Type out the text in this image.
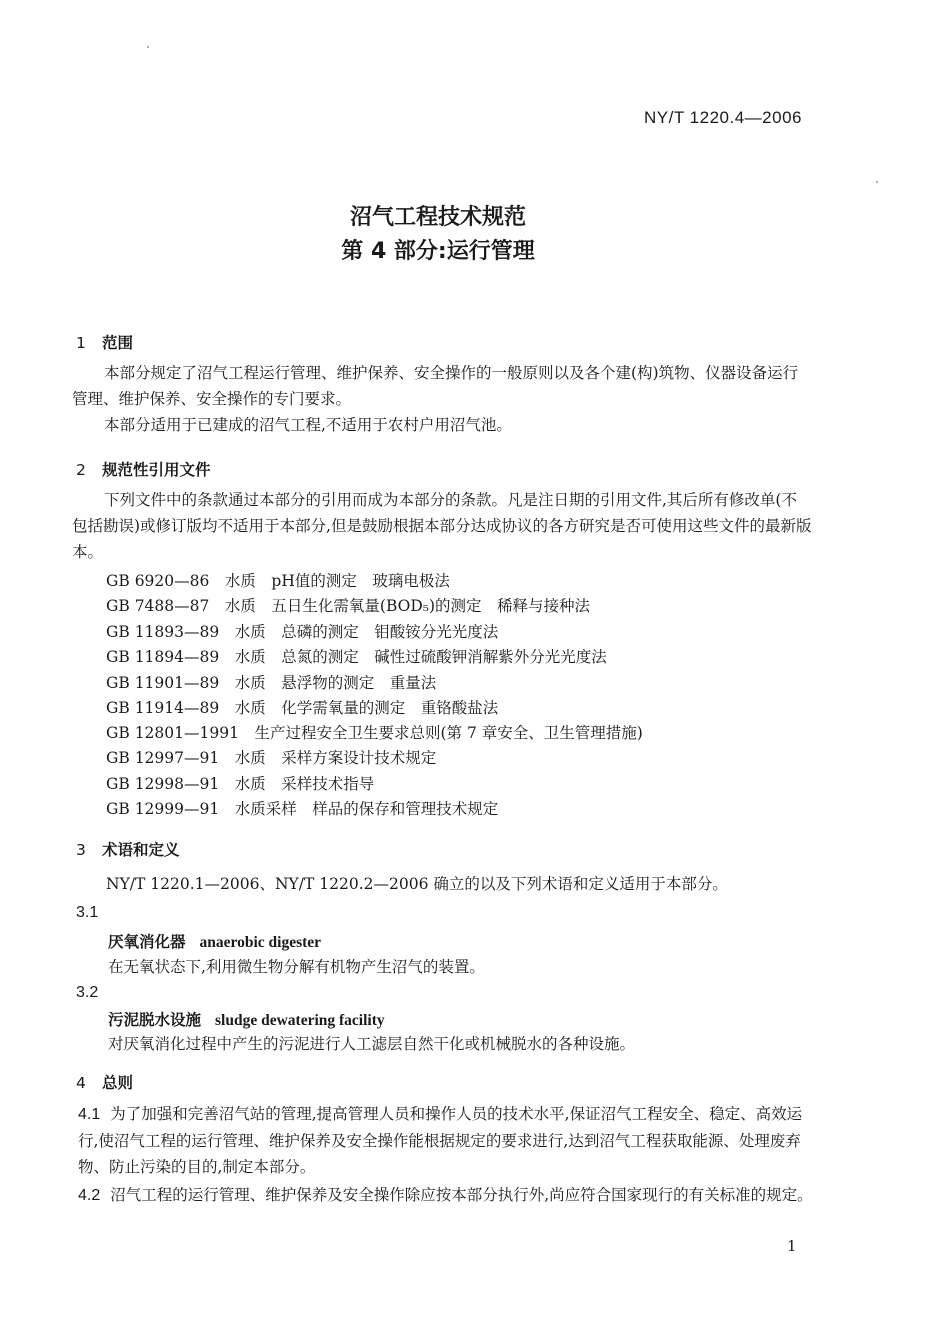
NY/T 1220.4—2006
沼气工程技术规范
第 4 部分:运行管理
1 范围
本部分规定了沼气工程运行管理、维护保养、安全操作的一般原则以及各个建(构)筑物、仪器设备运行管理、维护保养、安全操作的专门要求。
本部分适用于已建成的沼气工程,不适用于农村户用沼气池。
2 规范性引用文件
下列文件中的条款通过本部分的引用而成为本部分的条款。凡是注日期的引用文件,其后所有修改单(不包括勘误)或修订版均不适用于本部分,但是鼓励根据本部分达成协议的各方研究是否可使用这些文件的最新版本。
GB 6920—86　 水质　pH值的测定　玻璃电极法
GB 7488—87　 水质　五日生化需氧量(BOD₅)的测定　稀释与接种法
GB 11893—89　 水质　总磷的测定　钼酸铵分光光度法
GB 11894—89　 水质　总氮的测定　碱性过硫酸钾消解紫外分光光度法
GB 11901—89　 水质　悬浮物的测定　重量法
GB 11914—89　 水质　化学需氧量的测定　重铬酸盐法
GB 12801—1991　 生产过程安全卫生要求总则(第 7 章安全、卫生管理措施)
GB 12997—91　 水质　采样方案设计技术规定
GB 12998—91　 水质　采样技术指导
GB 12999—91　 水质采样　样品的保存和管理技术规定
3 术语和定义
NY/T 1220.1—2006、NY/T 1220.2—2006 确立的以及下列术语和定义适用于本部分。
3.1
厌氧消化器 anaerobic digester
在无氧状态下,利用微生物分解有机物产生沼气的装置。
3.2
污泥脱水设施 sludge dewatering facility
对厌氧消化过程中产生的污泥进行人工滤层自然干化或机械脱水的各种设施。
4 总则
4.1 为了加强和完善沼气站的管理,提高管理人员和操作人员的技术水平,保证沼气工程安全、稳定、高效运行,使沼气工程的运行管理、维护保养及安全操作能根据规定的要求进行,达到沼气工程获取能源、处理废弃物、防止污染的目的,制定本部分。
4.2 沼气工程的运行管理、维护保养及安全操作除应按本部分执行外,尚应符合国家现行的有关标准的规定。
1
